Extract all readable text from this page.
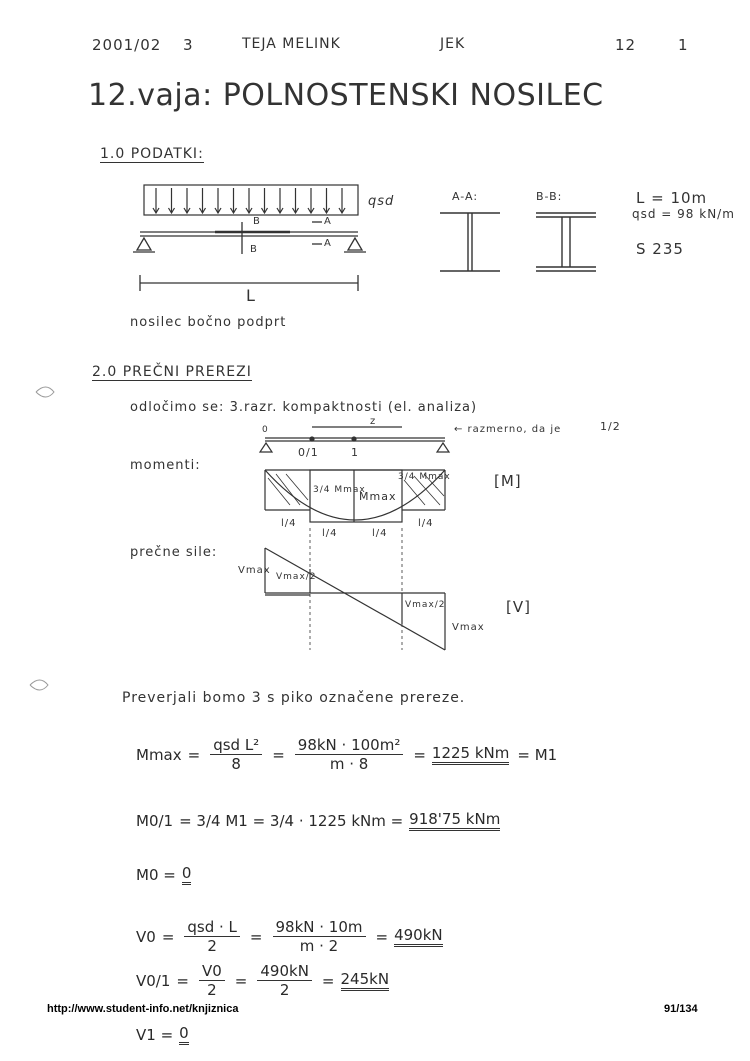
2001/02 3	TEJA MELINK	JEK	12	1
12.vaja: POLNOSTENSKI NOSILEC
1.0 PODATKI:
qsd
B
B
A
A
L
nosilec bočno podprt
A-A:	B-B:	L = 10m
qsd = 98 kN/m
S 235
2.0 PREČNI PREREZI
odločimo se: 3.razr. kompaktnosti (el. analiza)
← razmerno, da je	1/2
z
0
0/1	1
momenti:
3/4 Mmax
Mmax
3/4 Mmax	[M]
l/4
l/4	l/4
l/4
prečne sile:
Vmax
Vmax/2
Vmax/2
Vmax
[V]
Preverjali bomo 3 s piko označene prereze.
$Mmax = \frac{\text{qsd L²}}{8} = \frac{\text{98kN · 100m²}}{m \cdot 8} = 1225$ kNm = M1
M0/1 = 3/4 M1 = 3/4 · 1225 kNm = 918'75 kNm
M0 = 0
$V0 = \frac{\text{qsd · L}}{2} = \frac{98kN \cdot 10m}{m \cdot 2} = 490kN$
$V0/1 = \frac{V0}{2} = \frac{490kN}{2} = 245kN$
V1 = 0
http://www.student-info.net/knjiznica	91/134
